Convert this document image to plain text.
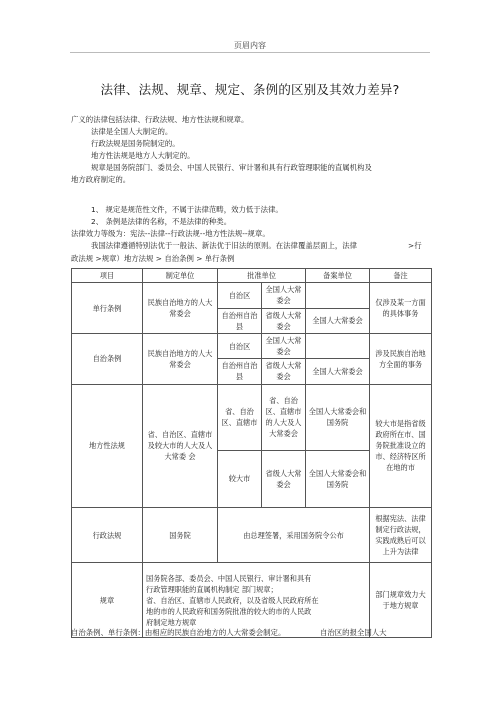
页眉内容
法律、法规、规章、规定、条例的区别及其效力差异?
广义的法律包括法律、行政法规、地方性法规和规章。
法律是全国人大制定的。
行政法规是国务院制定的。
地方性法规是地方人大制定的。
规章是国务院部门、委员会、中国人民银行、审计署和具有行政管理职能的直属机构及
地方政府制定的。
1、 规定是规范性文件，不属于法律范畴，效力低于法律。
2、 条例是法律的名称，不是法律的种类。
法律效力等级为：宪法--法律--行政法规--地方性法规--规章。
我国法律遵循特别法优于一般法、新法优于旧法的原则。在法律覆盖层面上，法律	>行
政法规 >规章）地方法规 > 自治条例 > 单行条例
项目	制定单位	批准单位		备案单位	备注
单行条例	民族自治地方的人大常委会	自治区	全国人大常委会		仅涉及某一方面的具体事务
		自治州自治县	省级人大常委会	全国人大常委会	
自治条例	民族自治地方的人大常委会	自治区	全国人大常委会		涉及民族自治地方全面的事务
		自治州自治县	省级人大常委会	全国人大常委会	
地方性法规	省、自治区、直辖市及较大市的人大及人大常委 会	省、自治区、直辖市	省、自治区、直辖市的人大及人大常委会	全国人大常委会和国务院	较大市是指省级政府所在市、国务院批准设立的市、经济特区所在地的市
		较大市	省级人大常委会	全国人大常委会和国务院	
行政法规	国务院	由总理签署，采用国务院令公布			根据宪法、法律制定行政法规，实践成熟后可以上升为法律
规章	国务院各部、委员会、中国人民银行、审计署和具有
行政管理职能的直属机构制定 部门规章；
省、自治区、直辖市人民政府，以及省级人民政府所在
地的市的人民政府和国务院批准的较大的市的人民政
府制定地方规章				部门规章效力大于地方规章
自治条例、单行条例：由相应的民族自治地方的人大常委会制定。	自治区的报全国人大
